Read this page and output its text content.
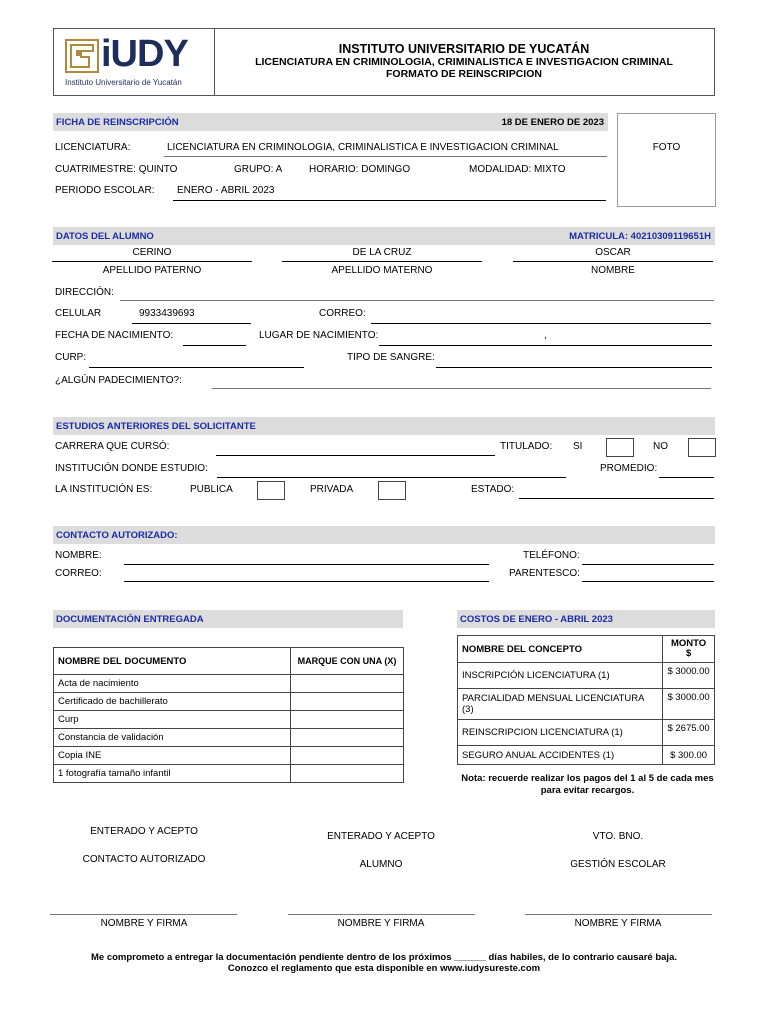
iUDY
Instituto Universitario de Yucatán
INSTITUTO UNIVERSITARIO DE YUCATÁN
LICENCIATURA EN CRIMINOLOGIA, CRIMINALISTICA E INVESTIGACION CRIMINAL
FORMATO DE REINSCRIPCION
FICHA DE REINSCRIPCIÓN	18 DE ENERO DE 2023
FOTO
LICENCIATURA:	LICENCIATURA EN CRIMINOLOGIA, CRIMINALISTICA E INVESTIGACION CRIMINAL
CUATRIMESTRE: QUINTO	GRUPO: A	HORARIO: DOMINGO	MODALIDAD: MIXTO
PERIODO ESCOLAR: ENERO - ABRIL 2023
DATOS DEL ALUMNO	MATRICULA: 40210309119651H
CERINO	DE LA CRUZ	OSCAR
APELLIDO PATERNO	APELLIDO MATERNO	NOMBRE
DIRECCIÓN:
CELULAR	9933439693	CORREO:
FECHA DE NACIMIENTO:	LUGAR DE NACIMIENTO:	,
CURP:	TIPO DE SANGRE:
¿ALGÚN PADECIMIENTO?:
ESTUDIOS ANTERIORES DEL SOLICITANTE
CARRERA QUE CURSÓ:	TITULADO: SI	NO
INSTITUCIÓN DONDE ESTUDIO:	PROMEDIO:
LA INSTITUCIÓN ES:	PUBLICA	PRIVADA	ESTADO:
CONTACTO AUTORIZADO:
NOMBRE:	TELÉFONO:
CORREO:	PARENTESCO:
DOCUMENTACIÓN ENTREGADA
NOMBRE DEL DOCUMENTO	MARQUE CON UNA (X)
Acta de nacimiento	
Certificado de bachillerato	
Curp	
Constancia de validación	
Copia INE	
1 fotografía tamaño infantil	
COSTOS DE ENERO - ABRIL 2023
NOMBRE DEL CONCEPTO	MONTO $
INSCRIPCIÓN LICENCIATURA (1)	$ 3000.00
PARCIALIDAD MENSUAL LICENCIATURA (3)	$ 3000.00
REINSCRIPCION LICENCIATURA (1)	$ 2675.00
SEGURO ANUAL ACCIDENTES (1)	$ 300.00
Nota: recuerde realizar los pagos del 1 al 5 de cada mes para evitar recargos.
ENTERADO Y ACEPTO
CONTACTO AUTORIZADO
ENTERADO Y ACEPTO
ALUMNO
VTO. BNO.
GESTIÓN ESCOLAR
NOMBRE Y FIRMA	NOMBRE Y FIRMA	NOMBRE Y FIRMA
Me comprometo a entregar la documentación pendiente dentro de los próximos ______ días habiles, de lo contrario causaré baja.
Conozco el reglamento que esta disponible en www.iudysureste.com
